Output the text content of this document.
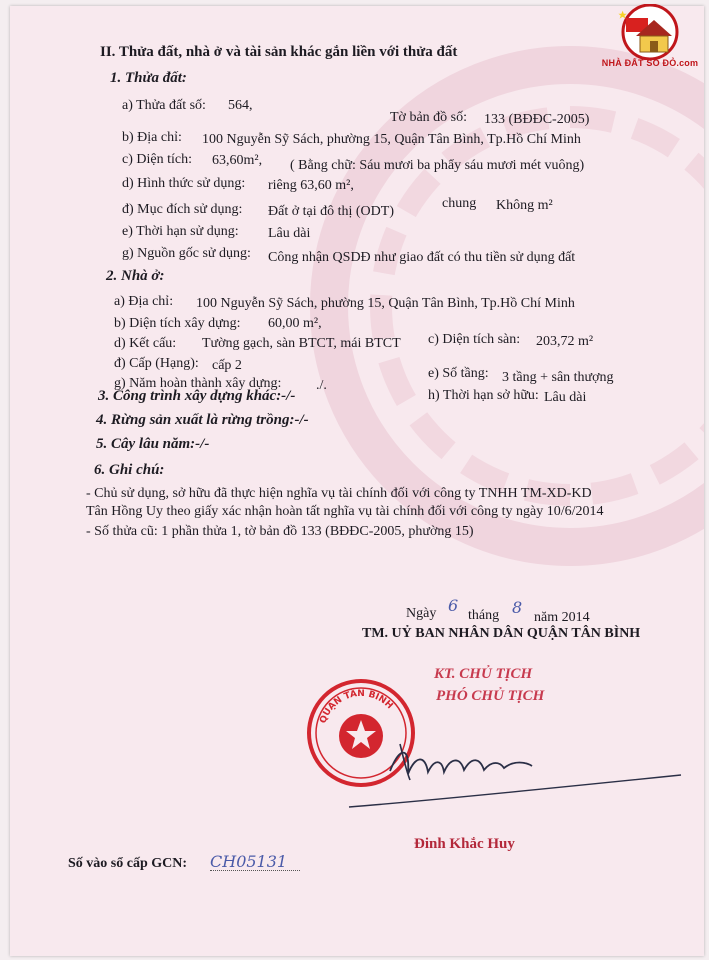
II. Thửa đất, nhà ở và tài sản khác gắn liền với thửa đất
1. Thửa đất:
a) Thửa đất số: 564,
Tờ bản đồ số: 133 (BĐĐC-2005)
b) Địa chỉ: 100 Nguyễn Sỹ Sách, phường 15, Quận Tân Bình, Tp.Hồ Chí Minh
c) Diện tích: 63,60m², ( Bằng chữ: Sáu mươi ba phẩy sáu mươi mét vuông)
d) Hình thức sử dụng: riêng 63,60 m²,
chung Không m²
đ) Mục đích sử dụng: Đất ở tại đô thị (ODT)
e) Thời hạn sử dụng: Lâu dài
g) Nguồn gốc sử dụng: Công nhận QSDĐ như giao đất có thu tiền sử dụng đất
2. Nhà ở:
a) Địa chỉ: 100 Nguyễn Sỹ Sách, phường 15, Quận Tân Bình, Tp.Hồ Chí Minh
b) Diện tích xây dựng: 60,00 m²,
d) Kết cấu: Tường gạch, sàn BTCT, mái BTCT c) Diện tích sàn: 203,72 m²
đ) Cấp (Hạng): cấp 2
e) Số tầng: 3 tầng + sân thượng
g) Năm hoàn thành xây dựng: ./.
h) Thời hạn sở hữu: Lâu dài
3. Công trình xây dựng khác:-/-
4. Rừng sản xuất là rừng trồng:-/-
5. Cây lâu năm:-/-
6. Ghi chú:
- Chủ sử dụng, sở hữu đã thực hiện nghĩa vụ tài chính đối với công ty TNHH TM-XD-KD
Tân Hồng Uy theo giấy xác nhận hoàn tất nghĩa vụ tài chính đối với công ty ngày 10/6/2014
- Số thửa cũ: 1 phần thửa 1, tờ bản đồ 133 (BĐĐC-2005, phường 15)
Ngày 6
tháng 8
năm 2014
TM. UỶ BAN NHÂN DÂN QUẬN TÂN BÌNH
KT. CHỦ TỊCH
PHÓ CHỦ TỊCH
QUẬN TÂN BÌNH
Đinh Khắc Huy
Số vào sổ cấp GCN: CH05131
NHÀ ĐẤT SỔ ĐỎ.com
